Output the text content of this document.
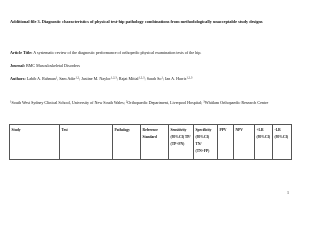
Additional file 3. Diagnostic characteristics of physical test-hip pathology combinations from methodologically unacceptable study designs
Article Title: A systematic review of the diagnostic performance of orthopedic physical examination tests of the hip.
Journal: BMC Musculoskeletal Disorders
Authors: Labib A. Rahman$^1$, Sam Adie$^{1,2}$; Justine M. Naylor$^{1,2,3}$; Rajat Mittal$^{1,2,3}$; Sarah So$^1$; Ian A. Harris$^{1,2,3}$
$^1$South West Sydney Clinical School, University of New South Wales; $^2$Orthopaedic Department, Liverpool Hospital; $^3$Whitlam Orthopaedic Research Centre
Study	Test	Pathology	Reference Standard	Sensitivity (95%CI) TP/ (TP+FN)	Specificity (95%CI) TN/ (TN+FP)	PPV	NPV	+LR (95%CI)	-LR (95%CI)
1
